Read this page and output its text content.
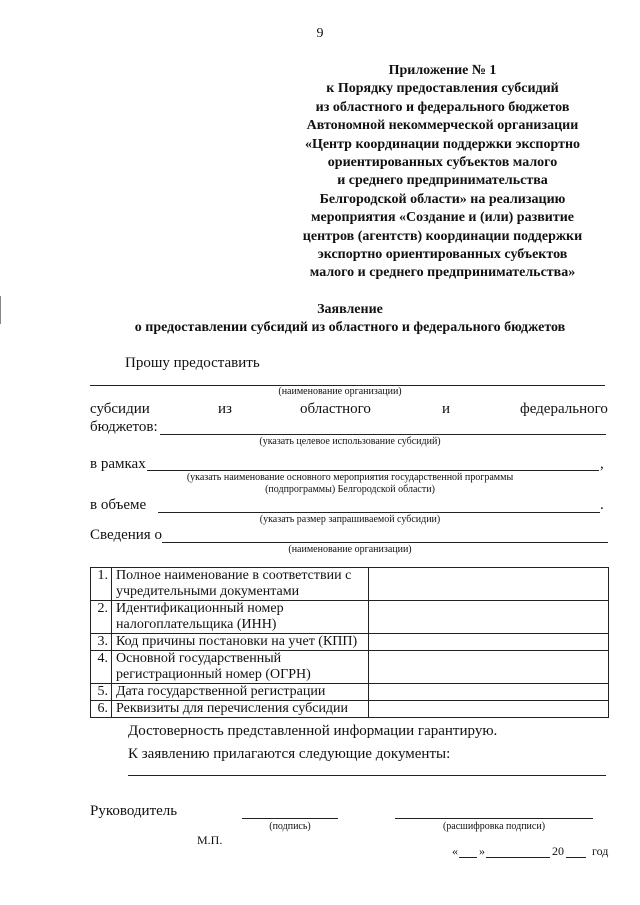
9
Приложение № 1
к Порядку предоставления субсидий
из областного и федерального бюджетов
Автономной некоммерческой организации
«Центр координации поддержки экспортно
ориентированных субъектов малого
и среднего предпринимательства
Белгородской области» на реализацию
мероприятия «Создание и (или) развитие
центров (агентств) координации поддержки
экспортно ориентированных субъектов
малого и среднего предпринимательства»
Заявление
о предоставлении субсидий из областного и федерального бюджетов
Прошу предоставить
(наименование организации)
субсидии	из	областного	и	федерального
бюджетов:
(указать целевое использование субсидий)
в рамках	,
(указать наименование основного мероприятия государственной программы
(подпрограммы) Белгородской области)
в объеме	.
(указать размер запрашиваемой субсидии)
Сведения о
(наименование организации)
1.	Полное наименование в соответствии с учредительными документами	
2.	Идентификационный номер налогоплательщика (ИНН)	
3.	Код причины постановки на учет (КПП)	
4.	Основной государственный регистрационный номер (ОГРН)	
5.	Дата государственной регистрации	
6.	Реквизиты для перечисления субсидии	
Достоверность представленной информации гарантирую.
К заявлению прилагаются следующие документы:
Руководитель
(подпись)	(расшифровка подписи)
М.П.
« »	20 год
